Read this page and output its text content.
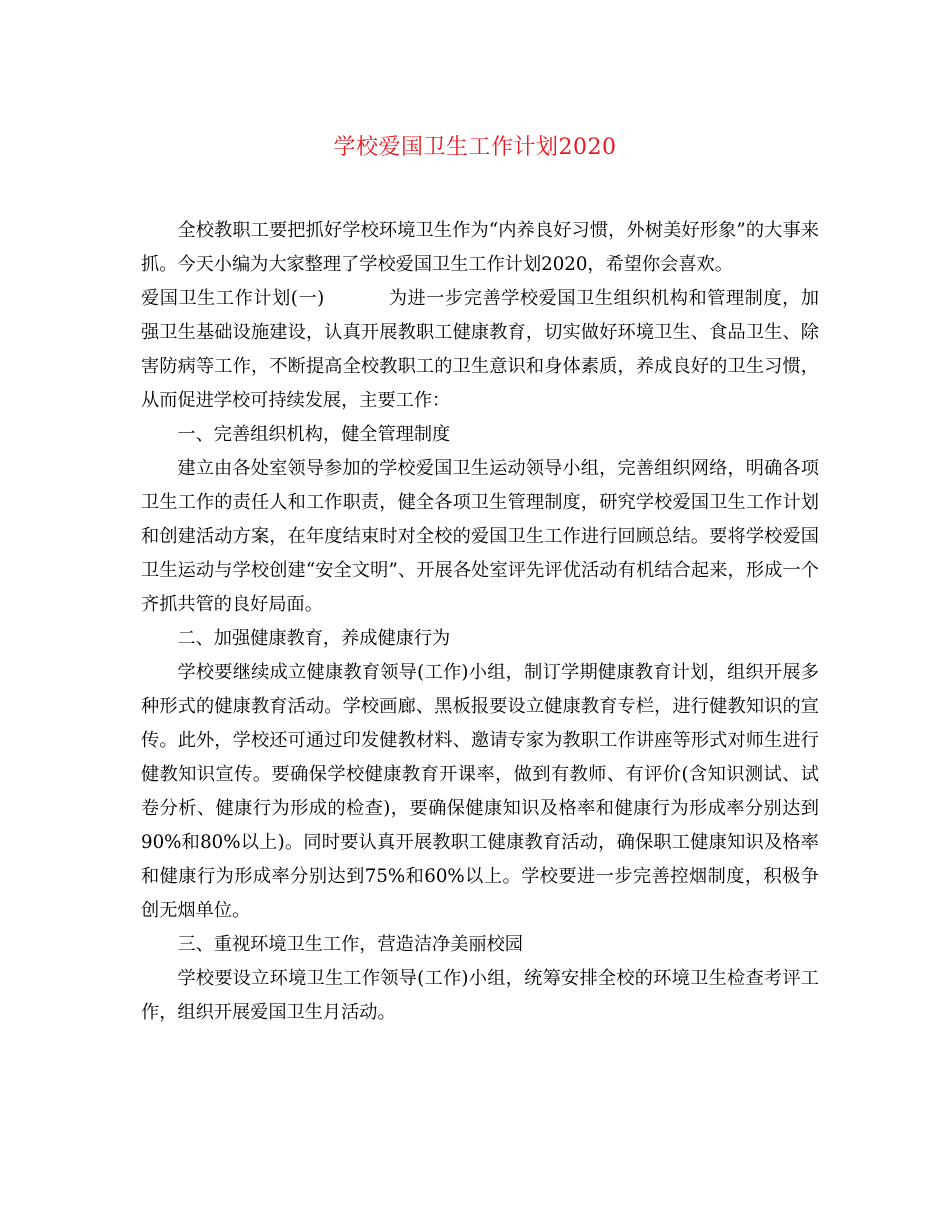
学校爱国卫生工作计划2020

全校教职工要把抓好学校环境卫生作为“内养良好习惯，外树美好形象”的大事来抓。今天小编为大家整理了学校爱国卫生工作计划2020，希望你会喜欢。

爱国卫生工作计划(一)	为进一步完善学校爱国卫生组织机构和管理制度，加强卫生基础设施建设，认真开展教职工健康教育，切实做好环境卫生、食品卫生、除害防病等工作，不断提高全校教职工的卫生意识和身体素质，养成良好的卫生习惯，从而促进学校可持续发展，主要工作：

一、完善组织机构，健全管理制度

建立由各处室领导参加的学校爱国卫生运动领导小组，完善组织网络，明确各项卫生工作的责任人和工作职责，健全各项卫生管理制度，研究学校爱国卫生工作计划和创建活动方案，在年度结束时对全校的爱国卫生工作进行回顾总结。要将学校爱国卫生运动与学校创建“安全文明”、开展各处室评先评优活动有机结合起来，形成一个齐抓共管的良好局面。

二、加强健康教育，养成健康行为

学校要继续成立健康教育领导(工作)小组，制订学期健康教育计划，组织开展多种形式的健康教育活动。学校画廊、黑板报要设立健康教育专栏，进行健教知识的宣传。此外，学校还可通过印发健教材料、邀请专家为教职工作讲座等形式对师生进行健教知识宣传。要确保学校健康教育开课率，做到有教师、有评价(含知识测试、试卷分析、健康行为形成的检查)，要确保健康知识及格率和健康行为形成率分别达到90%和80%以上)。同时要认真开展教职工健康教育活动，确保职工健康知识及格率和健康行为形成率分别达到75%和60%以上。学校要进一步完善控烟制度，积极争创无烟单位。

三、重视环境卫生工作，营造洁净美丽校园

学校要设立环境卫生工作领导(工作)小组，统筹安排全校的环境卫生检查考评工作，组织开展爱国卫生月活动。
